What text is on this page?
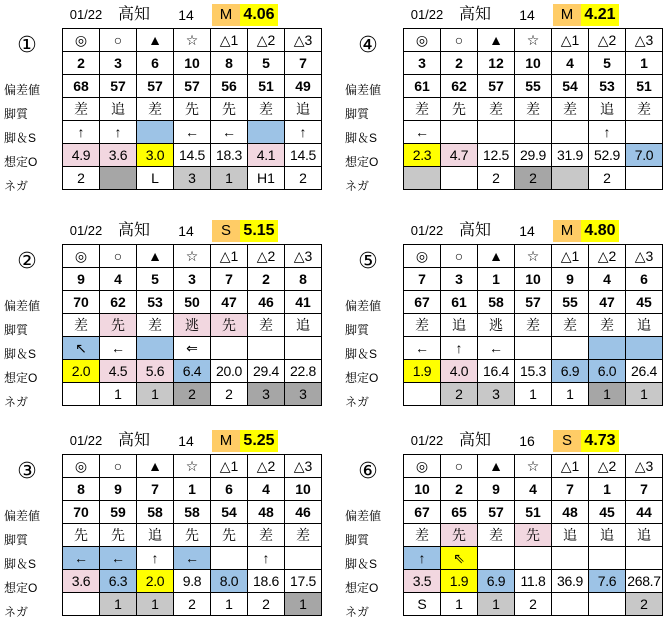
01/22 高知	14	M 4.06
①
偏差値
脚質
脚＆S
想定O
ネガ
◎	○	▲	☆	△1	△2	△3
2	3	6	10	8	5	7
68	57	57	57	56	51	49
差	追	差	先	先	差	追
↑	↑		←	←		↑
4.9	3.6	3.0	14.5	18.3	4.1	14.5
2		L	3	1	H1	2
01/22 高知	14	M 4.21
④
偏差値
脚質
脚＆S
想定O
ネガ
◎	○	▲	☆	△1	△2	△3
3	2	12	10	4	5	1
61	62	57	55	54	53	51
差	先	差	差	差	追	差
←					↑	
2.3	4.7	12.5	29.9	31.9	52.9	7.0
		2	2		2	
01/22 高知	14	S 5.15
②
偏差値
脚質
脚＆S
想定O
ネガ
◎	○	▲	☆	△1	△2	△3
9	4	5	3	7	2	8
70	62	53	50	47	46	41
差	先	差	逃	先	差	追
↖	←		⇐			
2.0	4.5	5.6	6.4	20.0	29.4	22.8
	1	1	2	2	3	3
01/22 高知	14	M 4.80
⑤
偏差値
脚質
脚＆S
想定O
ネガ
◎	○	▲	☆	△1	△2	△3
7	3	1	10	9	4	6
67	61	58	57	55	47	45
差	追	逃	差	差	差	追
←	↑	←				
1.9	4.0	16.4	15.3	6.9	6.0	26.4
	2	3	1	1	1	1
01/22 高知	14	M 5.25
③
偏差値
脚質
脚＆S
想定O
ネガ
◎	○	▲	☆	△1	△2	△3
8	9	7	1	6	4	10
70	59	58	58	54	48	46
先	先	追	先	先	差	差
←	←	↑	←		↑	
3.6	6.3	2.0	9.8	8.0	18.6	17.5
	1	1	2	1	2	1
01/22 高知	16	S 4.73
⑥
偏差値
脚質
脚＆S
想定O
ネガ
◎	○	▲	☆	△1	△2	△3
10	2	9	4	7	1	7
67	65	57	51	48	45	44
差	先	差	先	追	追	追
↑	⇖					
3.5	1.9	6.9	11.8	36.9	7.6	268.7
S	1	1	2			2
